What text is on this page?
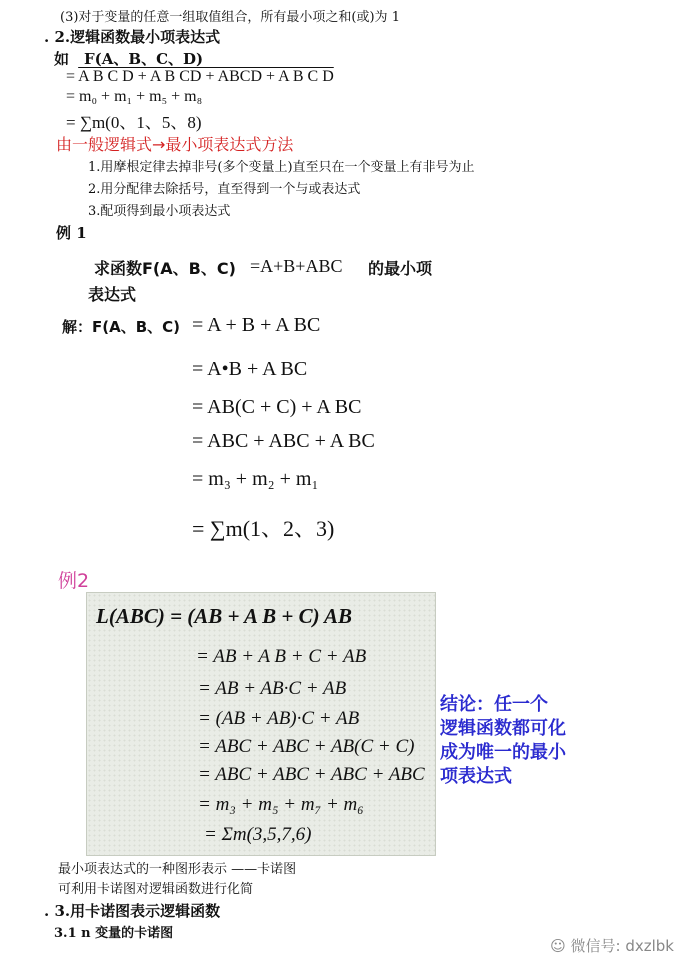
(3)对于变量的任意一组取值组合，所有最小项之和(或)为 1
. 2.逻辑函数最小项表达式
如 F(A、B、C、D)
= A B C D + A B CD + ABCD + A B C D
= m₀ + m₁ + m₅ + m₈
= ∑m(0、1、5、8)
由一般逻辑式→最小项表达式方法
1.用摩根定律去掉非号(多个变量上)直至只在一个变量上有非号为止
2.用分配律去除括号，直至得到一个与或表达式
3.配项得到最小项表达式
例 1
求函数F(A、B、C) =A+B+ABC 的最小项
表达式
解：F(A、B、C) = A + B + A BC
= A•B + A BC
= AB(C + C) + A BC
= ABC + ABC + A BC
= m₃ + m₂ + m₁
= ∑m(1、2、3)
例2
L(ABC) = (AB + A B + C) AB
= AB + A B + C + AB
= AB + AB·C + AB
= (AB + AB)·C + AB
= ABC + ABC + AB(C + C)
= ABC + ABC + ABC + ABC
= m₃ + m₅ + m₇ + m₆
= Σm(3,5,7,6)
结论：任一个
逻辑函数都可化
成为唯一的最小
项表达式
最小项表达式的一种图形表示 ——卡诺图
可利用卡诺图对逻辑函数进行化简
. 3.用卡诺图表示逻辑函数
3.1 n 变量的卡诺图
☺ 微信号: dxzlbk
